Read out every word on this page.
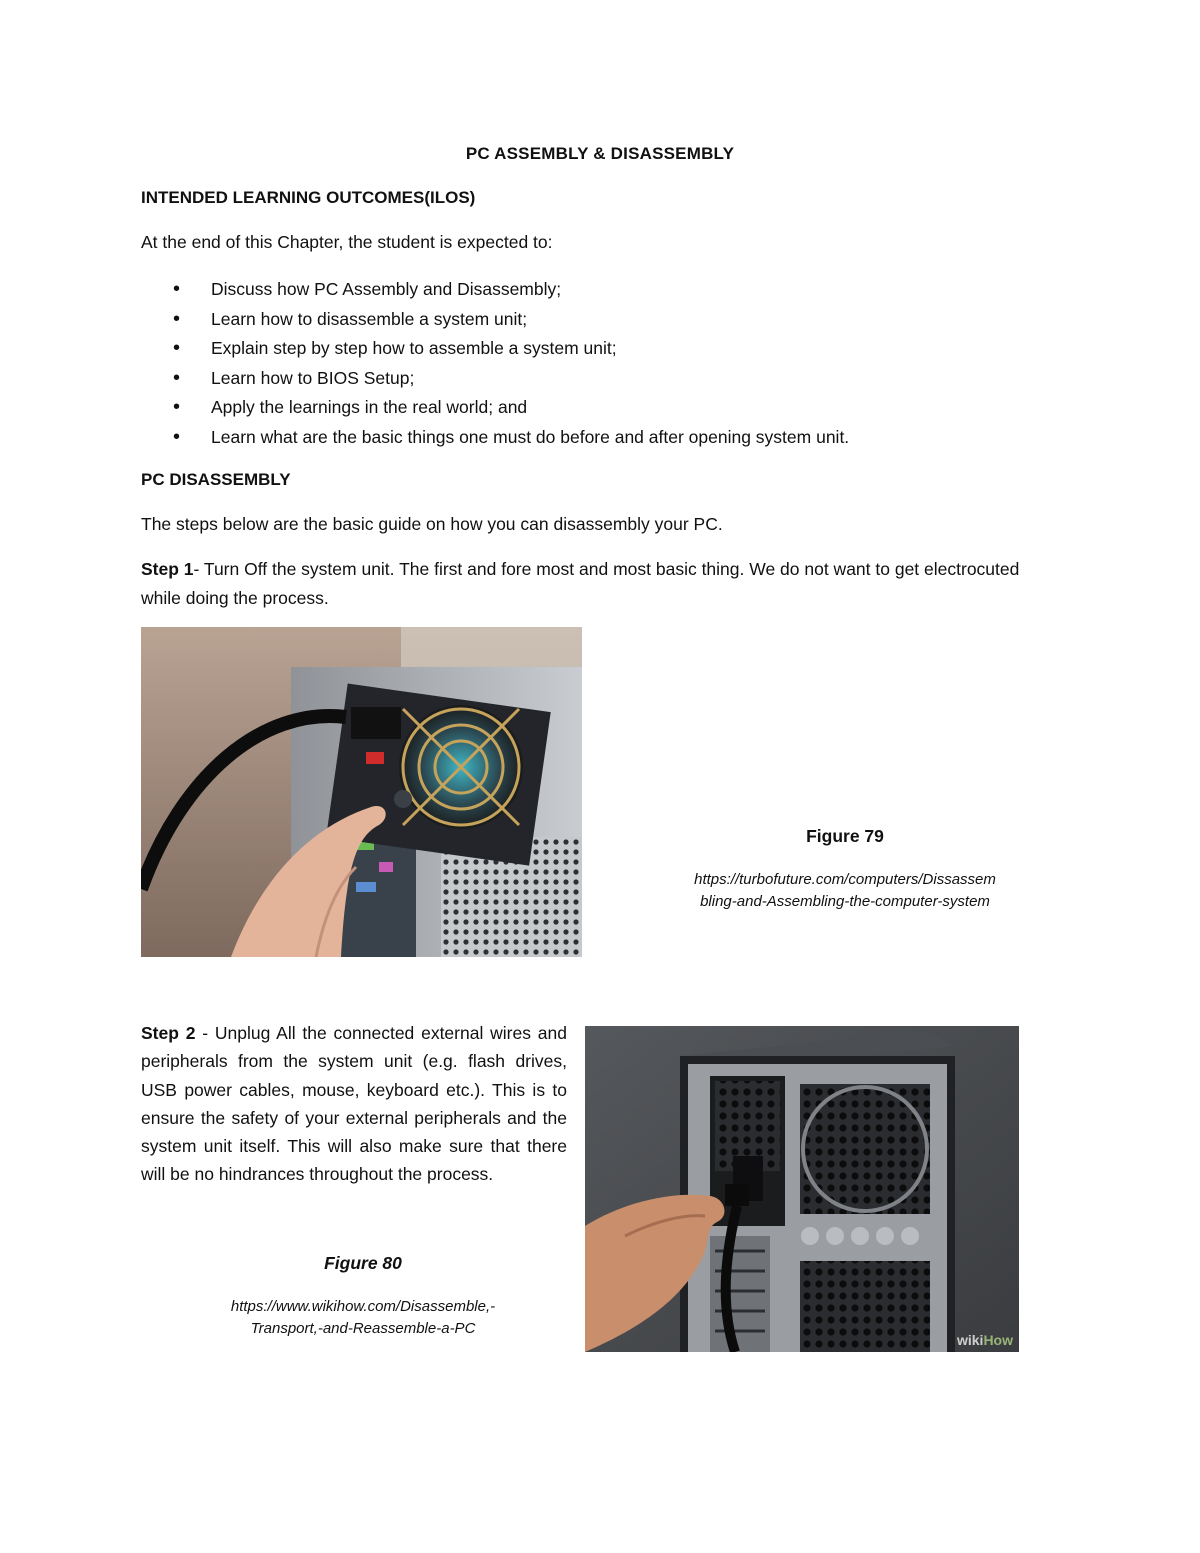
PC ASSEMBLY & DISASSEMBLY
INTENDED LEARNING OUTCOMES(ILOS)
At the end of this Chapter, the student is expected to:
• Discuss how PC Assembly and Disassembly;
• Learn how to disassemble a system unit;
• Explain step by step how to assemble a system unit;
• Learn how to BIOS Setup;
• Apply the learnings in the real world; and
• Learn what are the basic things one must do before and after opening system unit.
PC DISASSEMBLY
The steps below are the basic guide on how you can disassembly your PC.
Step 1- Turn Off the system unit. The first and fore most and most basic thing. We do not want to get electrocuted while doing the process.
Figure 79
https://turbofuture.com/computers/Dissassem
bling-and-Assembling-the-computer-system
Step 2 - Unplug All the connected external wires and peripherals from the system unit (e.g. flash drives, USB power cables, mouse, keyboard etc.). This is to ensure the safety of your external peripherals and the system unit itself. This will also make sure that there will be no hindrances throughout the process.
Figure 80
https://www.wikihow.com/Disassemble,-
Transport,-and-Reassemble-a-PC
wikiHow
